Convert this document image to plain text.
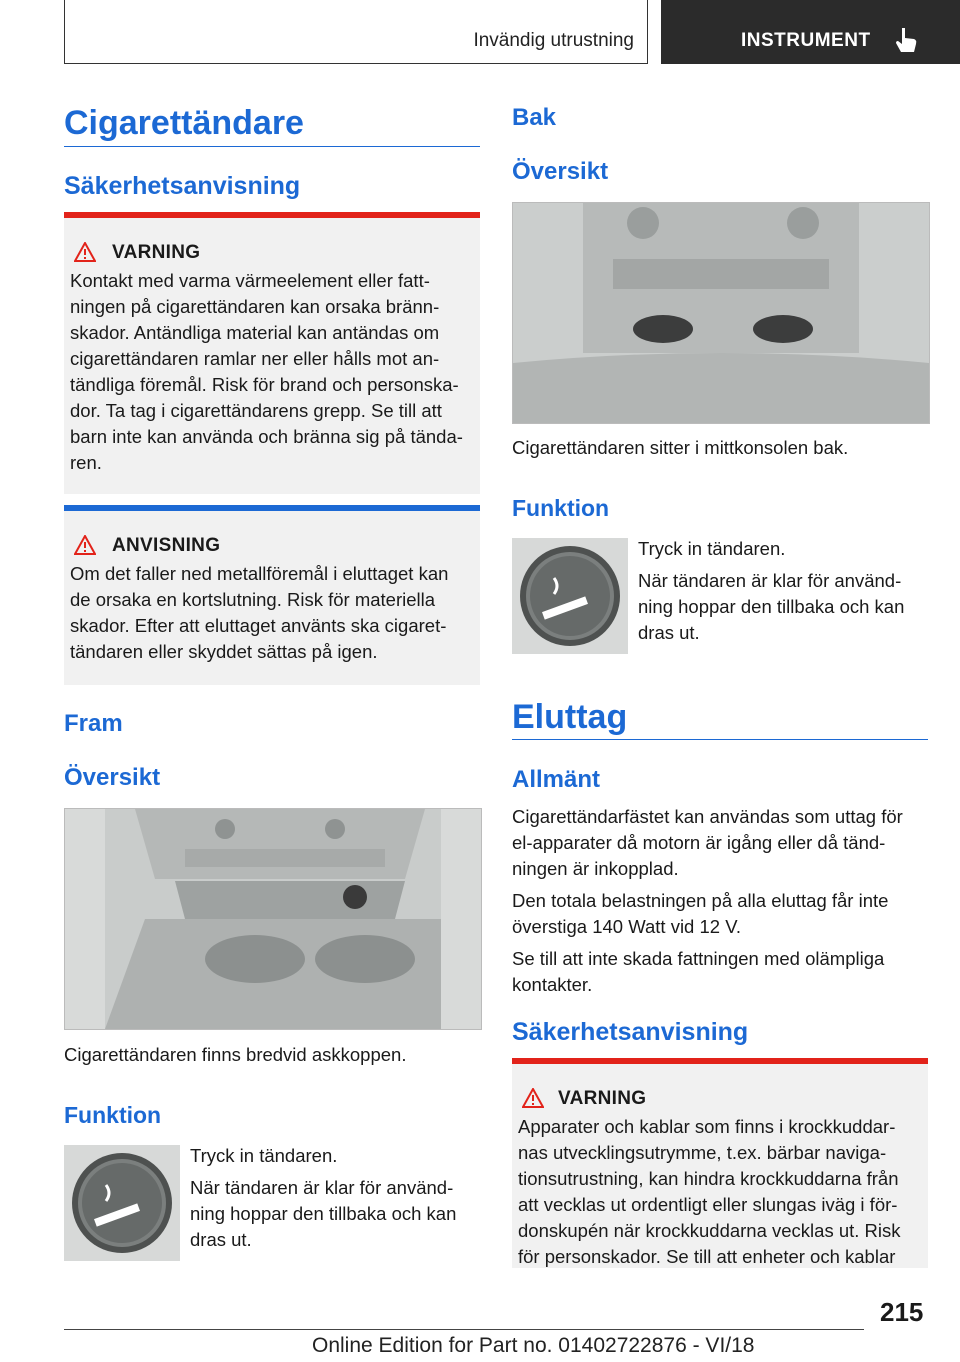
Invändig utrustning	INSTRUMENT
Cigarettändare
Säkerhetsanvisning
VARNING
Kontakt med varma värmeelement eller fatt-ningen på cigarettändaren kan orsaka bränn-skador. Antändliga material kan antändas om cigarettändaren ramlar ner eller hålls mot an-tändliga föremål. Risk för brand och personska-dor. Ta tag i cigarettändarens grepp. Se till att barn inte kan använda och bränna sig på tända-ren.
ANVISNING
Om det faller ned metallföremål i eluttaget kan de orsaka en kortslutning. Risk för materiella skador. Efter att eluttaget använts ska cigaret-tändaren eller skyddet sättas på igen.
Fram
Översikt
Cigarettändaren finns bredvid askkoppen.
Funktion

Tryck in tändaren.

När tändaren är klar för använd-ning hoppar den tillbaka och kan dras ut.

Bak
Översikt
Cigarettändaren sitter i mittkonsolen bak.
Funktion

Tryck in tändaren.

När tändaren är klar för använd-ning hoppar den tillbaka och kan dras ut.

Eluttag
Allmänt

Cigarettändarfästet kan användas som uttag för el-apparater då motorn är igång eller då tänd-ningen är inkopplad.

Den totala belastningen på alla eluttag får inte överstiga 140 Watt vid 12 V.

Se till att inte skada fattningen med olämpliga kontakter.

Säkerhetsanvisning
VARNING
Apparater och kablar som finns i krockkuddar-nas utvecklingsutrymme, t.ex. bärbar naviga-tionsutrustning, kan hindra krockkuddarna från att vecklas ut ordentligt eller slungas iväg i för-donskupén när krockkuddarna vecklas ut. Risk för personskador. Se till att enheter och kablar
215
Online Edition for Part no. 01402722876 - VI/18
